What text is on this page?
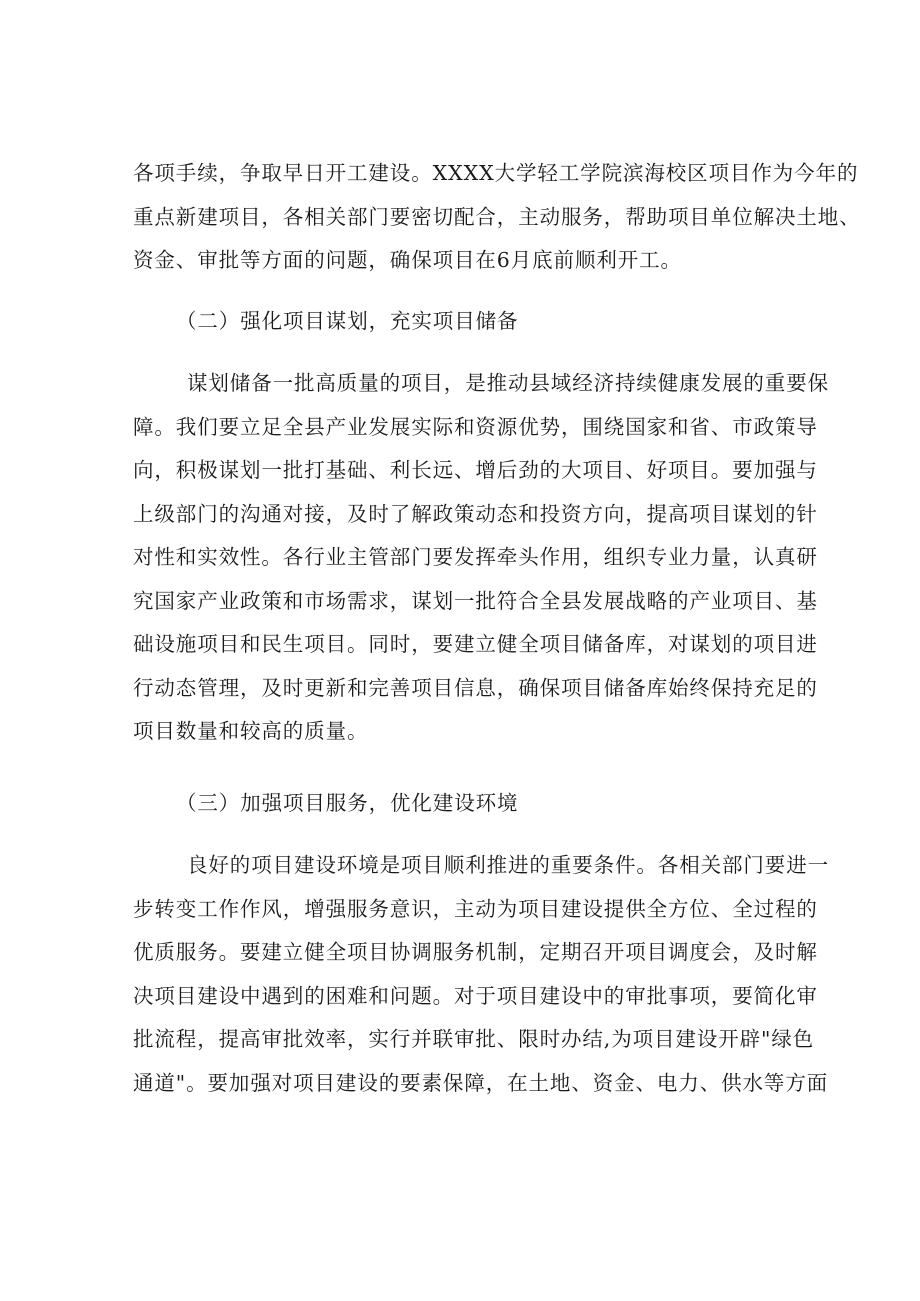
各项手续，争取早日开工建设。XXXX大学轻工学院滨海校区项目作为今年的
重点新建项目，各相关部门要密切配合，主动服务，帮助项目单位解决土地、
资金、审批等方面的问题，确保项目在6月底前顺利开工。
（二）强化项目谋划，充实项目储备
谋划储备一批高质量的项目，是推动县域经济持续健康发展的重要保
障。我们要立足全县产业发展实际和资源优势，围绕国家和省、市政策导
向，积极谋划一批打基础、利长远、增后劲的大项目、好项目。要加强与
上级部门的沟通对接，及时了解政策动态和投资方向，提高项目谋划的针
对性和实效性。各行业主管部门要发挥牵头作用，组织专业力量，认真研
究国家产业政策和市场需求，谋划一批符合全县发展战略的产业项目、基
础设施项目和民生项目。同时，要建立健全项目储备库，对谋划的项目进
行动态管理，及时更新和完善项目信息，确保项目储备库始终保持充足的
项目数量和较高的质量。
（三）加强项目服务，优化建设环境
良好的项目建设环境是项目顺利推进的重要条件。各相关部门要进一
步转变工作作风，增强服务意识，主动为项目建设提供全方位、全过程的
优质服务。要建立健全项目协调服务机制，定期召开项目调度会，及时解
决项目建设中遇到的困难和问题。对于项目建设中的审批事项，要简化审
批流程，提高审批效率，实行并联审批、限时办结,为项目建设开辟"绿色
通道"。要加强对项目建设的要素保障，在土地、资金、电力、供水等方面
